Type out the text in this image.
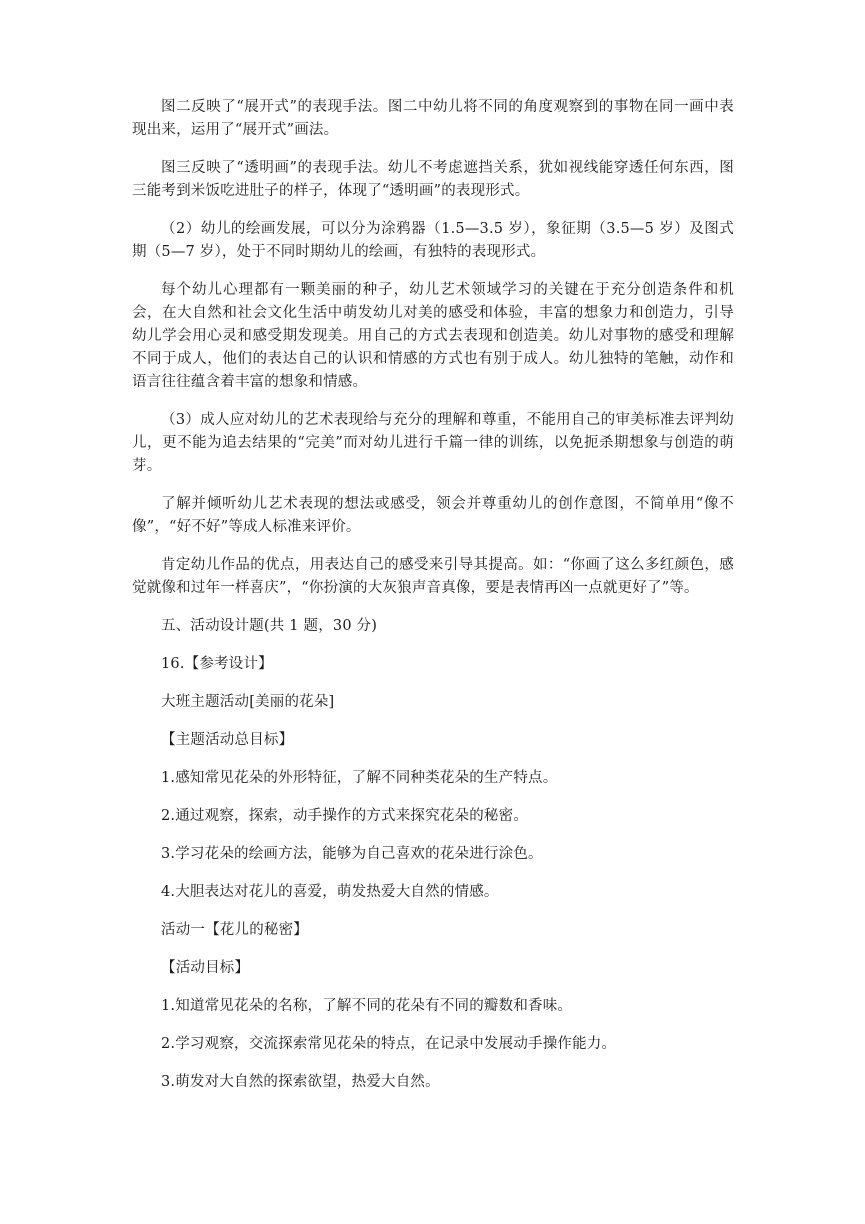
图二反映了“展开式”的表现手法。图二中幼儿将不同的角度观察到的事物在同一画中表现出来，运用了“展开式”画法。

图三反映了“透明画”的表现手法。幼儿不考虑遮挡关系，犹如视线能穿透任何东西，图三能考到米饭吃进肚子的样子，体现了“透明画”的表现形式。

（2）幼儿的绘画发展，可以分为涂鸦器（1.5—3.5 岁），象征期（3.5—5 岁）及图式期（5—7 岁），处于不同时期幼儿的绘画，有独特的表现形式。

每个幼儿心理都有一颗美丽的种子，幼儿艺术领域学习的关键在于充分创造条件和机会，在大自然和社会文化生活中萌发幼儿对美的感受和体验，丰富的想象力和创造力，引导幼儿学会用心灵和感受期发现美。用自己的方式去表现和创造美。幼儿对事物的感受和理解不同于成人，他们的表达自己的认识和情感的方式也有别于成人。幼儿独特的笔触，动作和语言往往蕴含着丰富的想象和情感。

（3）成人应对幼儿的艺术表现给与充分的理解和尊重，不能用自己的审美标准去评判幼儿，更不能为追去结果的“完美”而对幼儿进行千篇一律的训练，以免扼杀期想象与创造的萌芽。

了解并倾听幼儿艺术表现的想法或感受，领会并尊重幼儿的创作意图，不简单用“像不像”，“好不好”等成人标准来评价。

肯定幼儿作品的优点，用表达自己的感受来引导其提高。如：“你画了这么多红颜色，感觉就像和过年一样喜庆”，“你扮演的大灰狼声音真像，要是表情再凶一点就更好了”等。

五、活动设计题(共 1 题，30 分)

16.【参考设计】

大班主题活动[美丽的花朵]

【主题活动总目标】

1.感知常见花朵的外形特征，了解不同种类花朵的生产特点。

2.通过观察，探索，动手操作的方式来探究花朵的秘密。

3.学习花朵的绘画方法，能够为自己喜欢的花朵进行涂色。

4.大胆表达对花儿的喜爱，萌发热爱大自然的情感。

活动一【花儿的秘密】

【活动目标】

1.知道常见花朵的名称，了解不同的花朵有不同的瓣数和香味。

2.学习观察，交流探索常见花朵的特点，在记录中发展动手操作能力。

3.萌发对大自然的探索欲望，热爱大自然。
